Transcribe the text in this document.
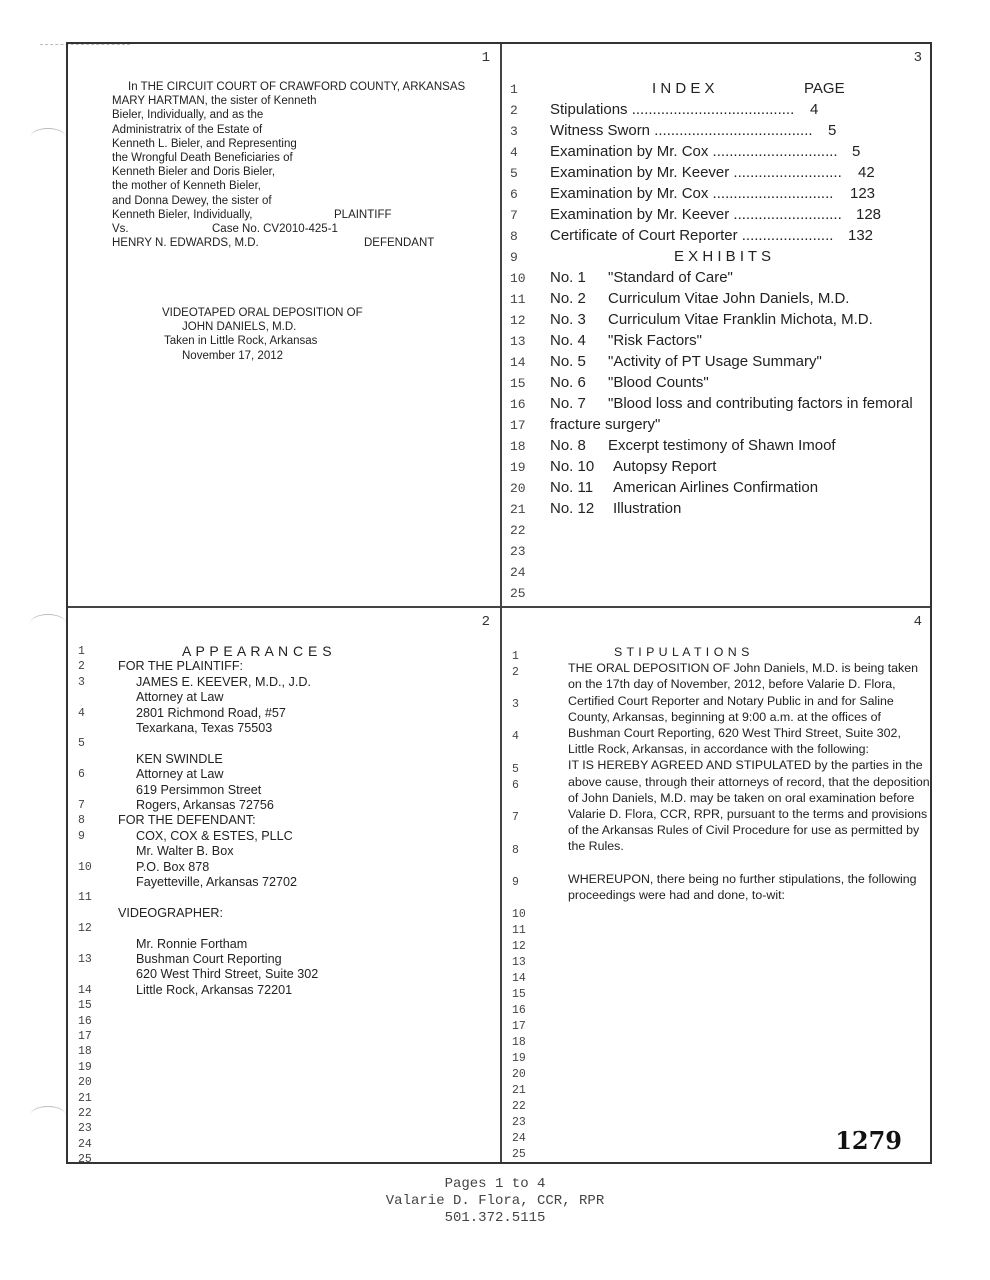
1
In THE CIRCUIT COURT OF CRAWFORD COUNTY, ARKANSAS
MARY HARTMAN, the sister of Kenneth
Bieler, Individually, and as the
Administratrix of the Estate of
Kenneth L. Bieler, and Representing
the Wrongful Death Beneficiaries of
Kenneth Bieler and Doris Bieler,
the mother of Kenneth Bieler,
and Donna Dewey, the sister of
Kenneth Bieler, Individually,	PLAINTIFF
Vs.	Case No. CV2010-425-1
HENRY N. EDWARDS, M.D.	DEFENDANT
VIDEOTAPED ORAL DEPOSITION OF
JOHN DANIELS, M.D.
Taken in Little Rock, Arkansas
November 17, 2012
3
1	I N D E X	PAGE
2	Stipulations ....................................... 4
3	Witness Sworn ...................................... 5
4	Examination by Mr. Cox .............................. 5
5	Examination by Mr. Keever .......................... 42
6	Examination by Mr. Cox ............................. 123
7	Examination by Mr. Keever .......................... 128
8	Certificate of Court Reporter ...................... 132
9	E X H I B I T S
10	No. 1 "Standard of Care"
11	No. 2 Curriculum Vitae John Daniels, M.D.
12	No. 3 Curriculum Vitae Franklin Michota, M.D.
13	No. 4 "Risk Factors"
14	No. 5 "Activity of PT Usage Summary"
15	No. 6 "Blood Counts"
16	No. 7 "Blood loss and contributing factors in femoral
17	fracture surgery"
18	No. 8 Excerpt testimony of Shawn Imoof
19	No. 10 Autopsy Report
20	No. 11 American Airlines Confirmation
21	No. 12 Illustration
22
23
24
25
2
1	A P P E A R A N C E S
2	FOR THE PLAINTIFF:
3	JAMES E. KEEVER, M.D., J.D.
Attorney at Law
4	2801 Richmond Road, #57
Texarkana, Texas 75503
5
KEN SWINDLE
6	Attorney at Law
619 Persimmon Street
7	Rogers, Arkansas 72756
8	FOR THE DEFENDANT:
9	COX, COX & ESTES, PLLC
Mr. Walter B. Box
10	P.O. Box 878
Fayetteville, Arkansas 72702
11
VIDEOGRAPHER:
12
Mr. Ronnie Fortham
13	Bushman Court Reporting
620 West Third Street, Suite 302
14	Little Rock, Arkansas 72201
15
16
17
18
19
20
21
22
23
24
25
4
1
2
3
4
5
6
7
8
9
10
11
12
13
14
15
16
17
18
19
20
21
22
23
24
25

S T I P U L A T I O N S

THE ORAL DEPOSITION OF John Daniels, M.D. is being taken on the 17th day of November, 2012, before Valarie D. Flora, Certified Court Reporter and Notary Public in and for Saline County, Arkansas, beginning at 9:00 a.m. at the offices of Bushman Court Reporting, 620 West Third Street, Suite 302, Little Rock, Arkansas, in accordance with the following:

IT IS HEREBY AGREED AND STIPULATED by the parties in the above cause, through their attorneys of record, that the deposition of John Daniels, M.D. may be taken on oral examination before Valarie D. Flora, CCR, RPR, pursuant to the terms and provisions of the Arkansas Rules of Civil Procedure for use as permitted by the Rules.

WHEREUPON, there being no further stipulations, the following proceedings were had and done, to-wit:

1279
Pages 1 to 4
Valarie D. Flora, CCR, RPR
501.372.5115
